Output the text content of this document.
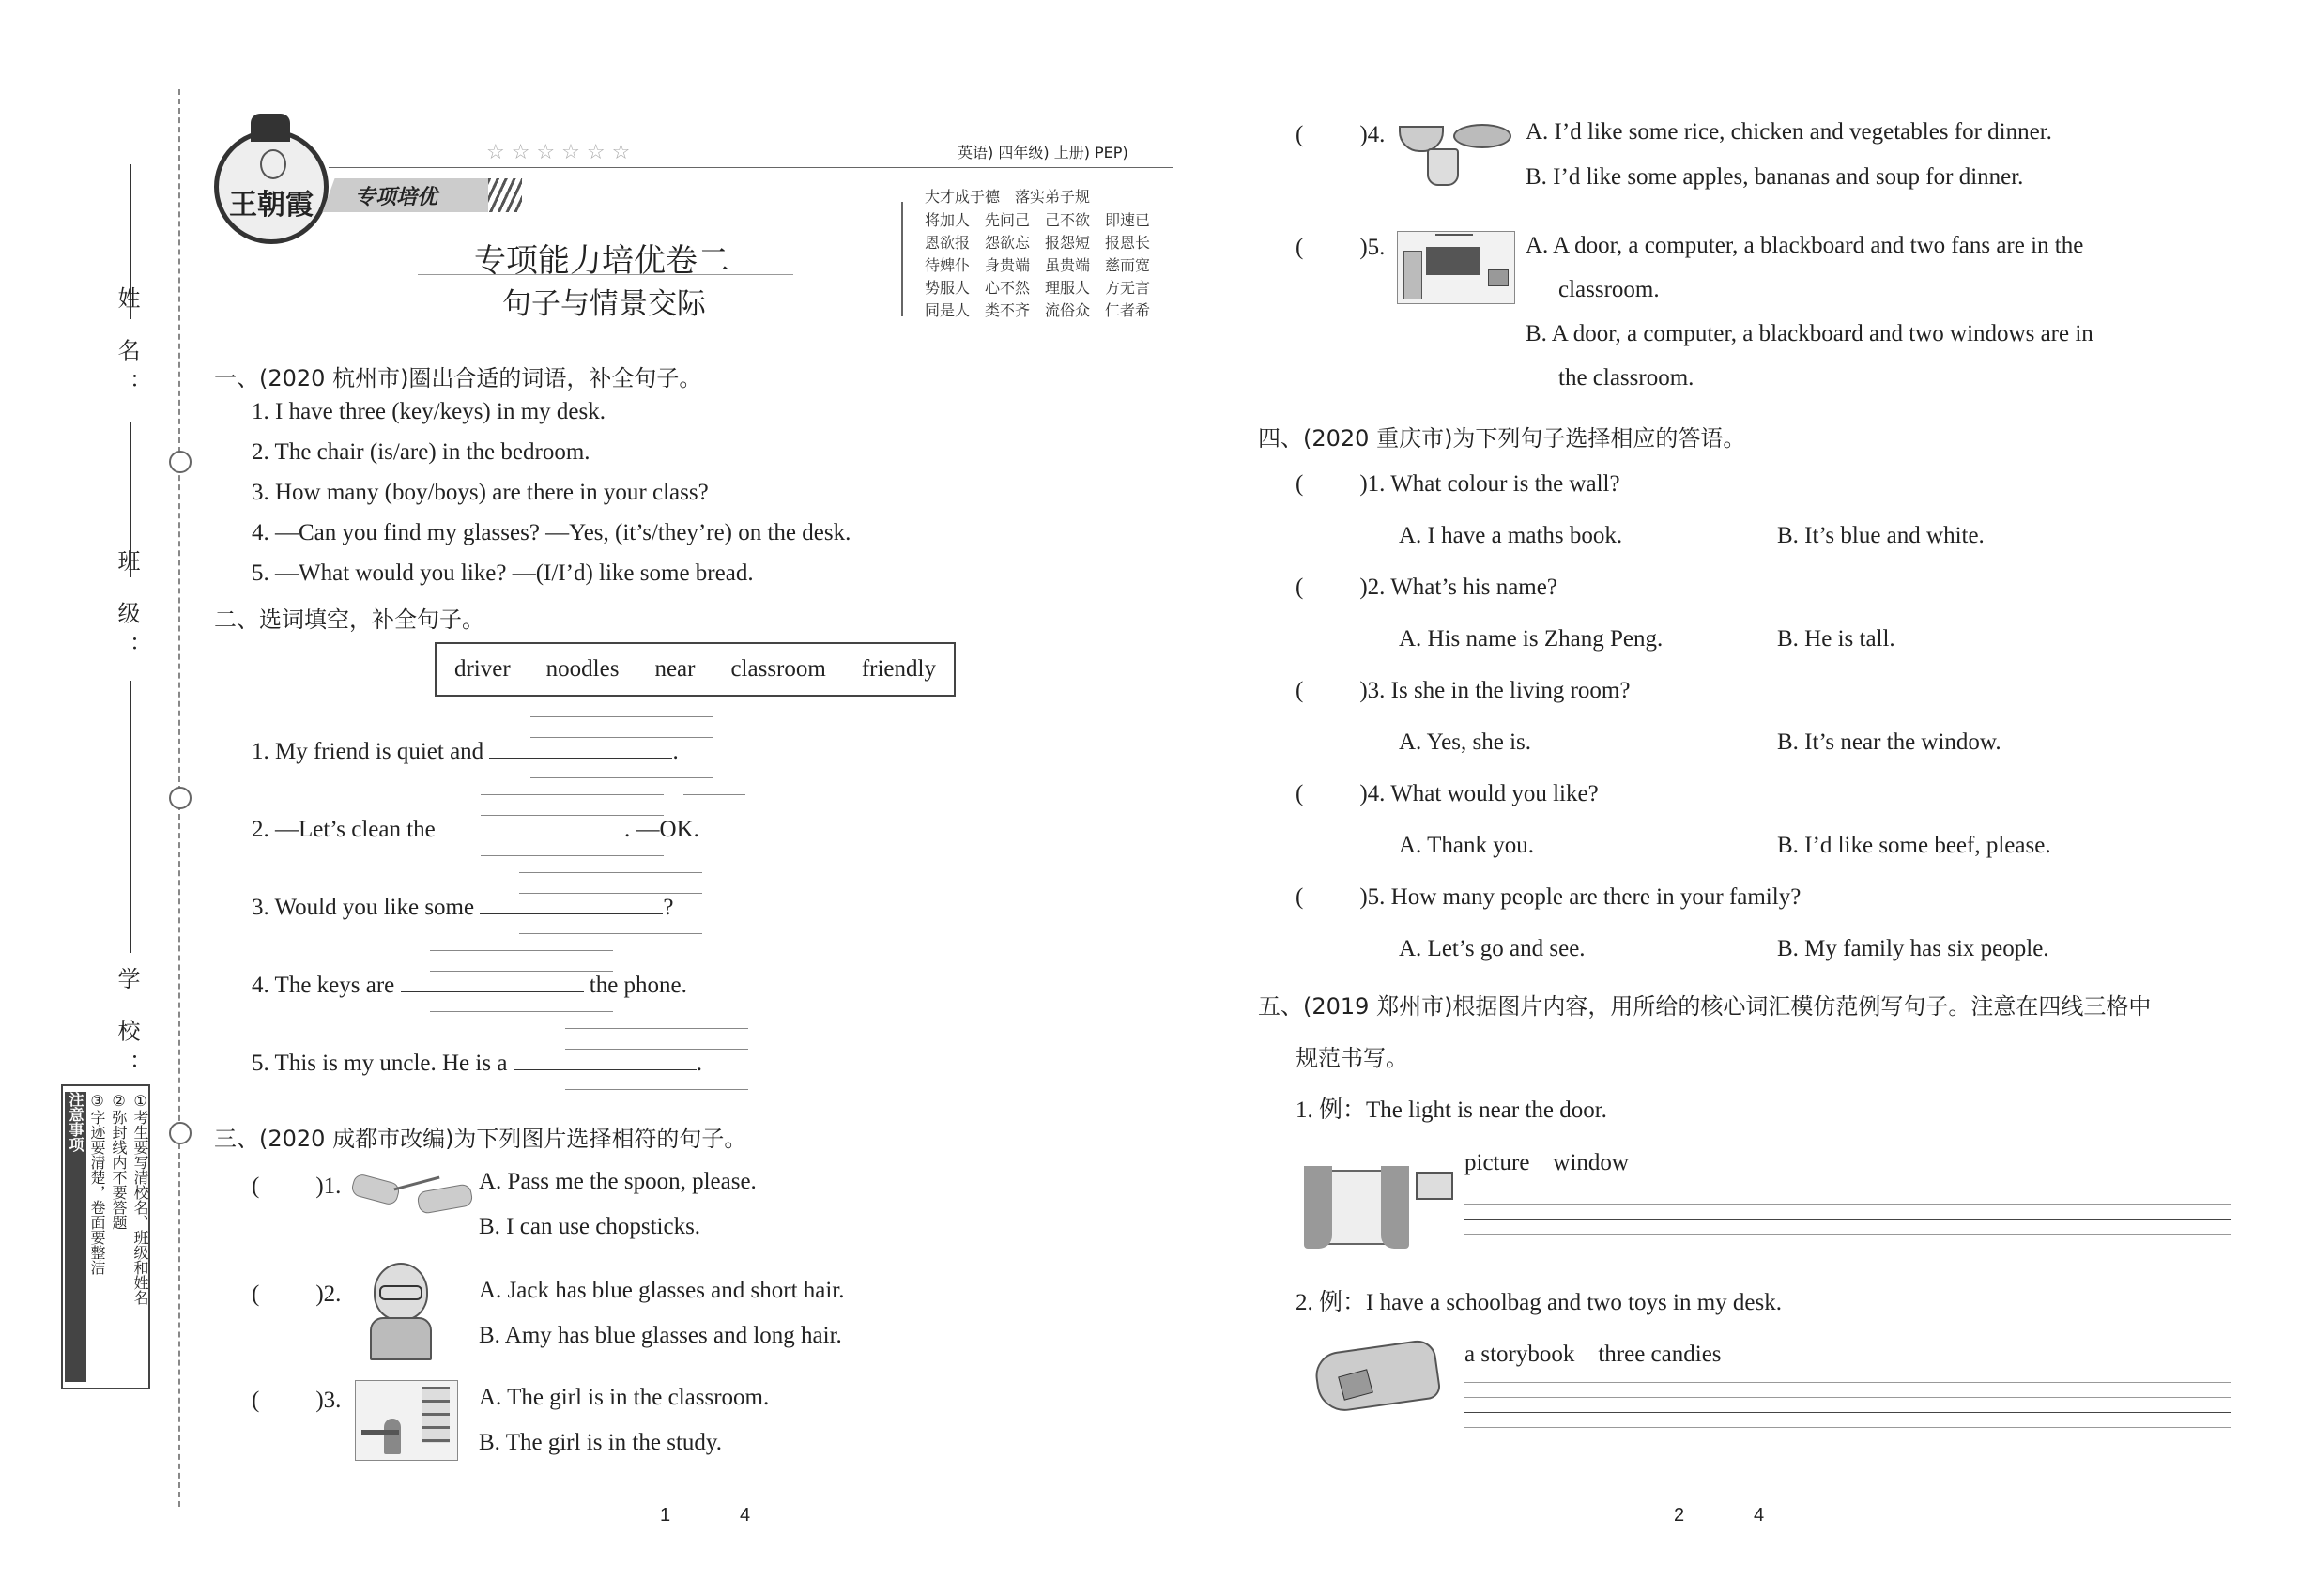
姓 名：
班 级：
学 校：
①考生要写清校名、班级和姓名
②弥封线内不要答题
③字迹要清楚，卷面要整洁
注意事项
王朝霞	专项培优
☆ ☆ ☆ ☆ ☆ ☆	英语) 四年级) 上册) PEP)
专项能力培优卷二
句子与情景交际
大才成于德　落实弟子规
将加人　先问己　己不欲　即速已
恩欲报　怨欲忘　报怨短　报恩长
待婢仆　身贵端　虽贵端　慈而宽
势服人　心不然　理服人　方无言
同是人　类不齐　流俗众　仁者希
一、(2020 杭州市)圈出合适的词语，补全句子。
1. I have three (key/keys) in my desk.
2. The chair (is/are) in the bedroom.
3. How many (boy/boys) are there in your class?
4. —Can you find my glasses? —Yes, (it’s/they’re) on the desk.
5. —What would you like? —(I/I’d) like some bread.
二、选词填空，补全句子。
driver noodles near classroom friendly
1. My friend is quiet and	.
2. —Let’s clean the	. —OK.
3. Would you like some	?
4. The keys are	the phone.
5. This is my uncle. He is a	.
三、(2020 成都市改编)为下列图片选择相符的句子。
( )1.	A. Pass me the spoon, please.
B. I can use chopsticks.
( )2.	A. Jack has blue glasses and short hair.
B. Amy has blue glasses and long hair.
( )3.	A. The girl is in the classroom.
B. The girl is in the study.
( )4.	A. I’d like some rice, chicken and vegetables for dinner.
B. I’d like some apples, bananas and soup for dinner.
( )5.	A. A door, a computer, a blackboard and two fans are in the
classroom.
B. A door, a computer, a blackboard and two windows are in
the classroom.
四、(2020 重庆市)为下列句子选择相应的答语。
( )1. What colour is the wall?
A. I have a maths book.	B. It’s blue and white.
( )2. What’s his name?
A. His name is Zhang Peng.	B. He is tall.
( )3. Is she in the living room?
A. Yes, she is.	B. It’s near the window.
( )4. What would you like?
A. Thank you.	B. I’d like some beef, please.
( )5. How many people are there in your family?
A. Let’s go and see.	B. My family has six people.
五、(2019 郑州市)根据图片内容，用所给的核心词汇模仿范例写句子。注意在四线三格中
规范书写。
1. 例：The light is near the door.
picture　window
2. 例：I have a schoolbag and two toys in my desk.
a storybook　three candies
1	4	2	4
